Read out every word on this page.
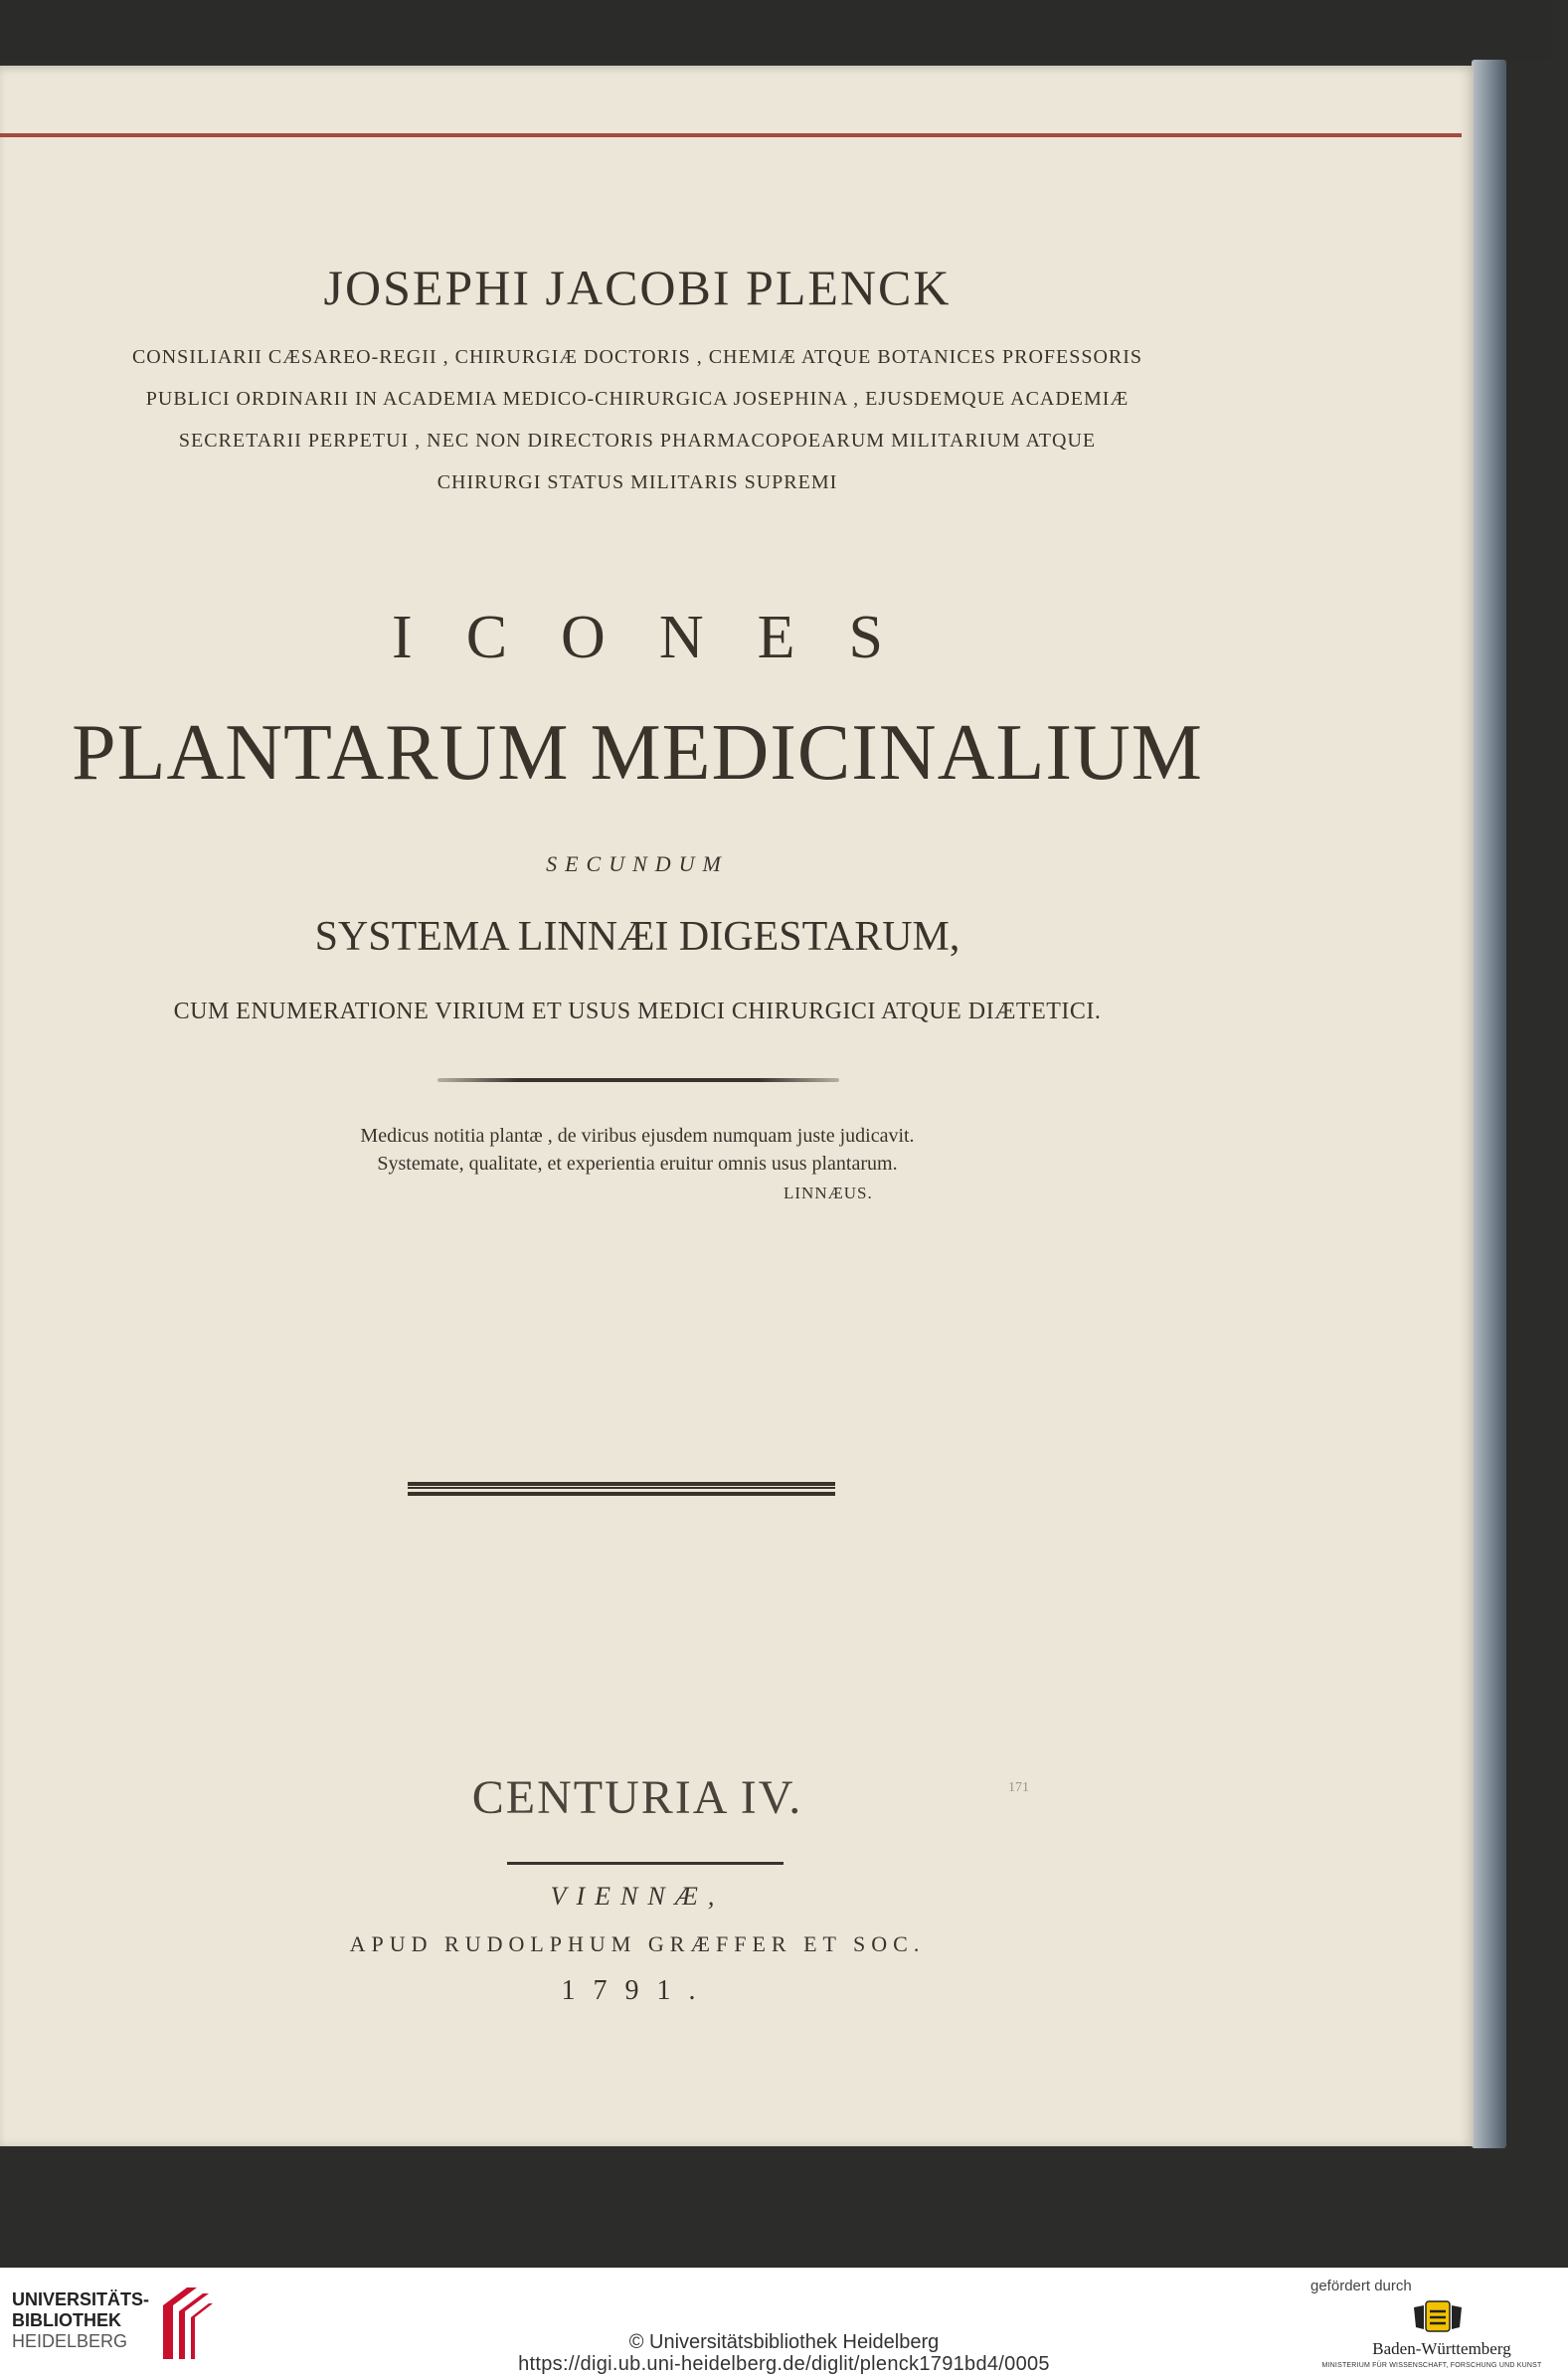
JOSEPHI JACOBI PLENCK
CONSILIARII CÆSAREO-REGII , CHIRURGIÆ DOCTORIS , CHEMIÆ ATQUE BOTANICES PROFESSORIS
PUBLICI ORDINARII IN ACADEMIA MEDICO-CHIRURGICA JOSEPHINA , EJUSDEMQUE ACADEMIÆ
SECRETARII PERPETUI , NEC NON DIRECTORIS PHARMACOPOEARUM MILITARIUM ATQUE
CHIRURGI STATUS MILITARIS SUPREMI
ICONES
PLANTARUM MEDICINALIUM
SECUNDUM
SYSTEMA LINNÆI DIGESTARUM,
CUM ENUMERATIONE VIRIUM ET USUS MEDICI CHIRURGICI ATQUE DIÆTETICI.
Medicus notitia plantæ , de viribus ejusdem numquam juste judicavit.
Systemate, qualitate, et experientia eruitur omnis usus plantarum.
LINNÆUS.
CENTURIA IV.
VIENNÆ,
APUD RUDOLPHUM GRÆFFER ET SOC.
1791.
171
UNIVERSITÄTS-
BIBLIOTHEK
HEIDELBERG	© Universitätsbibliothek Heidelberg
https://digi.ub.uni-heidelberg.de/diglit/plenck1791bd4/0005
gefördert durch
Baden-Württemberg
MINISTERIUM FÜR WISSENSCHAFT, FORSCHUNG UND KUNST
